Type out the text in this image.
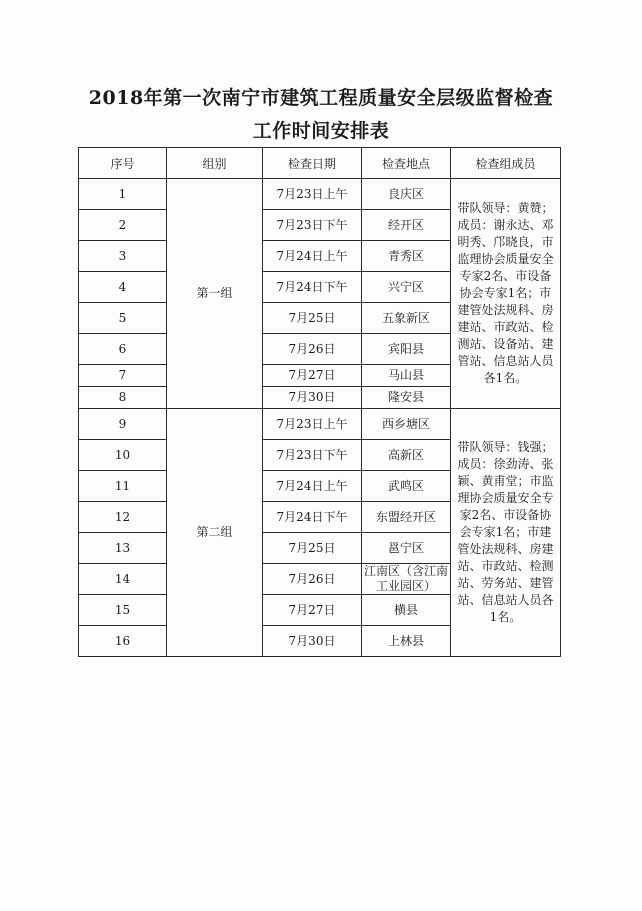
2018年第一次南宁市建筑工程质量安全层级监督检查
工作时间安排表
序号	组别	检查日期	检查地点	检查组成员
1	第一组	7月23日上午	良庆区	带队领导：黄赞；成员：谢永达、邓明秀、邝晓良，市监理协会质量安全专家2名、市设备协会专家1名；市建管处法规科、房建站、市政站、检测站、设备站、建管站、信息站人员各1名。
2		7月23日下午	经开区	
3		7月24日上午	青秀区	
4		7月24日下午	兴宁区	
5		7月25日	五象新区	
6		7月26日	宾阳县	
7		7月27日	马山县	
8		7月30日	隆安县	
9	第二组	7月23日上午	西乡塘区	带队领导：钱强；成员：徐劲涛、张颖、黄甫堂；市监理协会质量安全专家2名、市设备协会专家1名；市建管处法规科、房建站、市政站、检测站、劳务站、建管站、信息站人员各1名。
10		7月23日下午	高新区	
11		7月24日上午	武鸣区	
12		7月24日下午	东盟经开区	
13		7月25日	邕宁区	
14		7月26日	江南区（含江南工业园区）	
15		7月27日	横县	
16		7月30日	上林县	
